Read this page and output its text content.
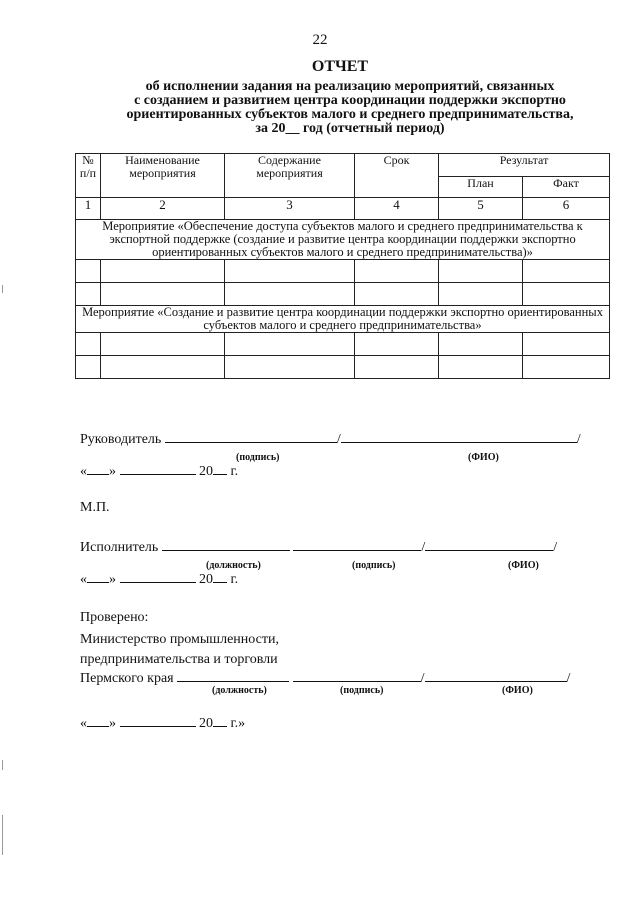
22
ОТЧЕТ
об исполнении задания на реализацию мероприятий, связанных
с созданием и развитием центра координации поддержки экспортно
ориентированных субъектов малого и среднего предпринимательства,
за 20__ год (отчетный период)
№ п/п	Наименование мероприятия	Содержание мероприятия	Срок	Результат	
				План	Факт
1	2	3	4	5	6
Мероприятие «Обеспечение доступа субъектов малого и среднего предпринимательства к экспортной поддержке (создание и развитие центра координации поддержки экспортно ориентированных субъектов малого и среднего предпринимательства)»					

Мероприятие «Создание и развитие центра координации поддержки экспортно ориентированных субъектов малого и среднего предпринимательства»					

Руководитель	/	/
(подпись)	(ФИО)
« »	20 г.
М.П.
Исполнитель	/	/
(должность)	(подпись)	(ФИО)
« »	20 г.
Проверено:
Министерство промышленности,
предпринимательства и торговли
Пермского края	/	/
(должность)	(подпись)	(ФИО)
« »	20 г.»
